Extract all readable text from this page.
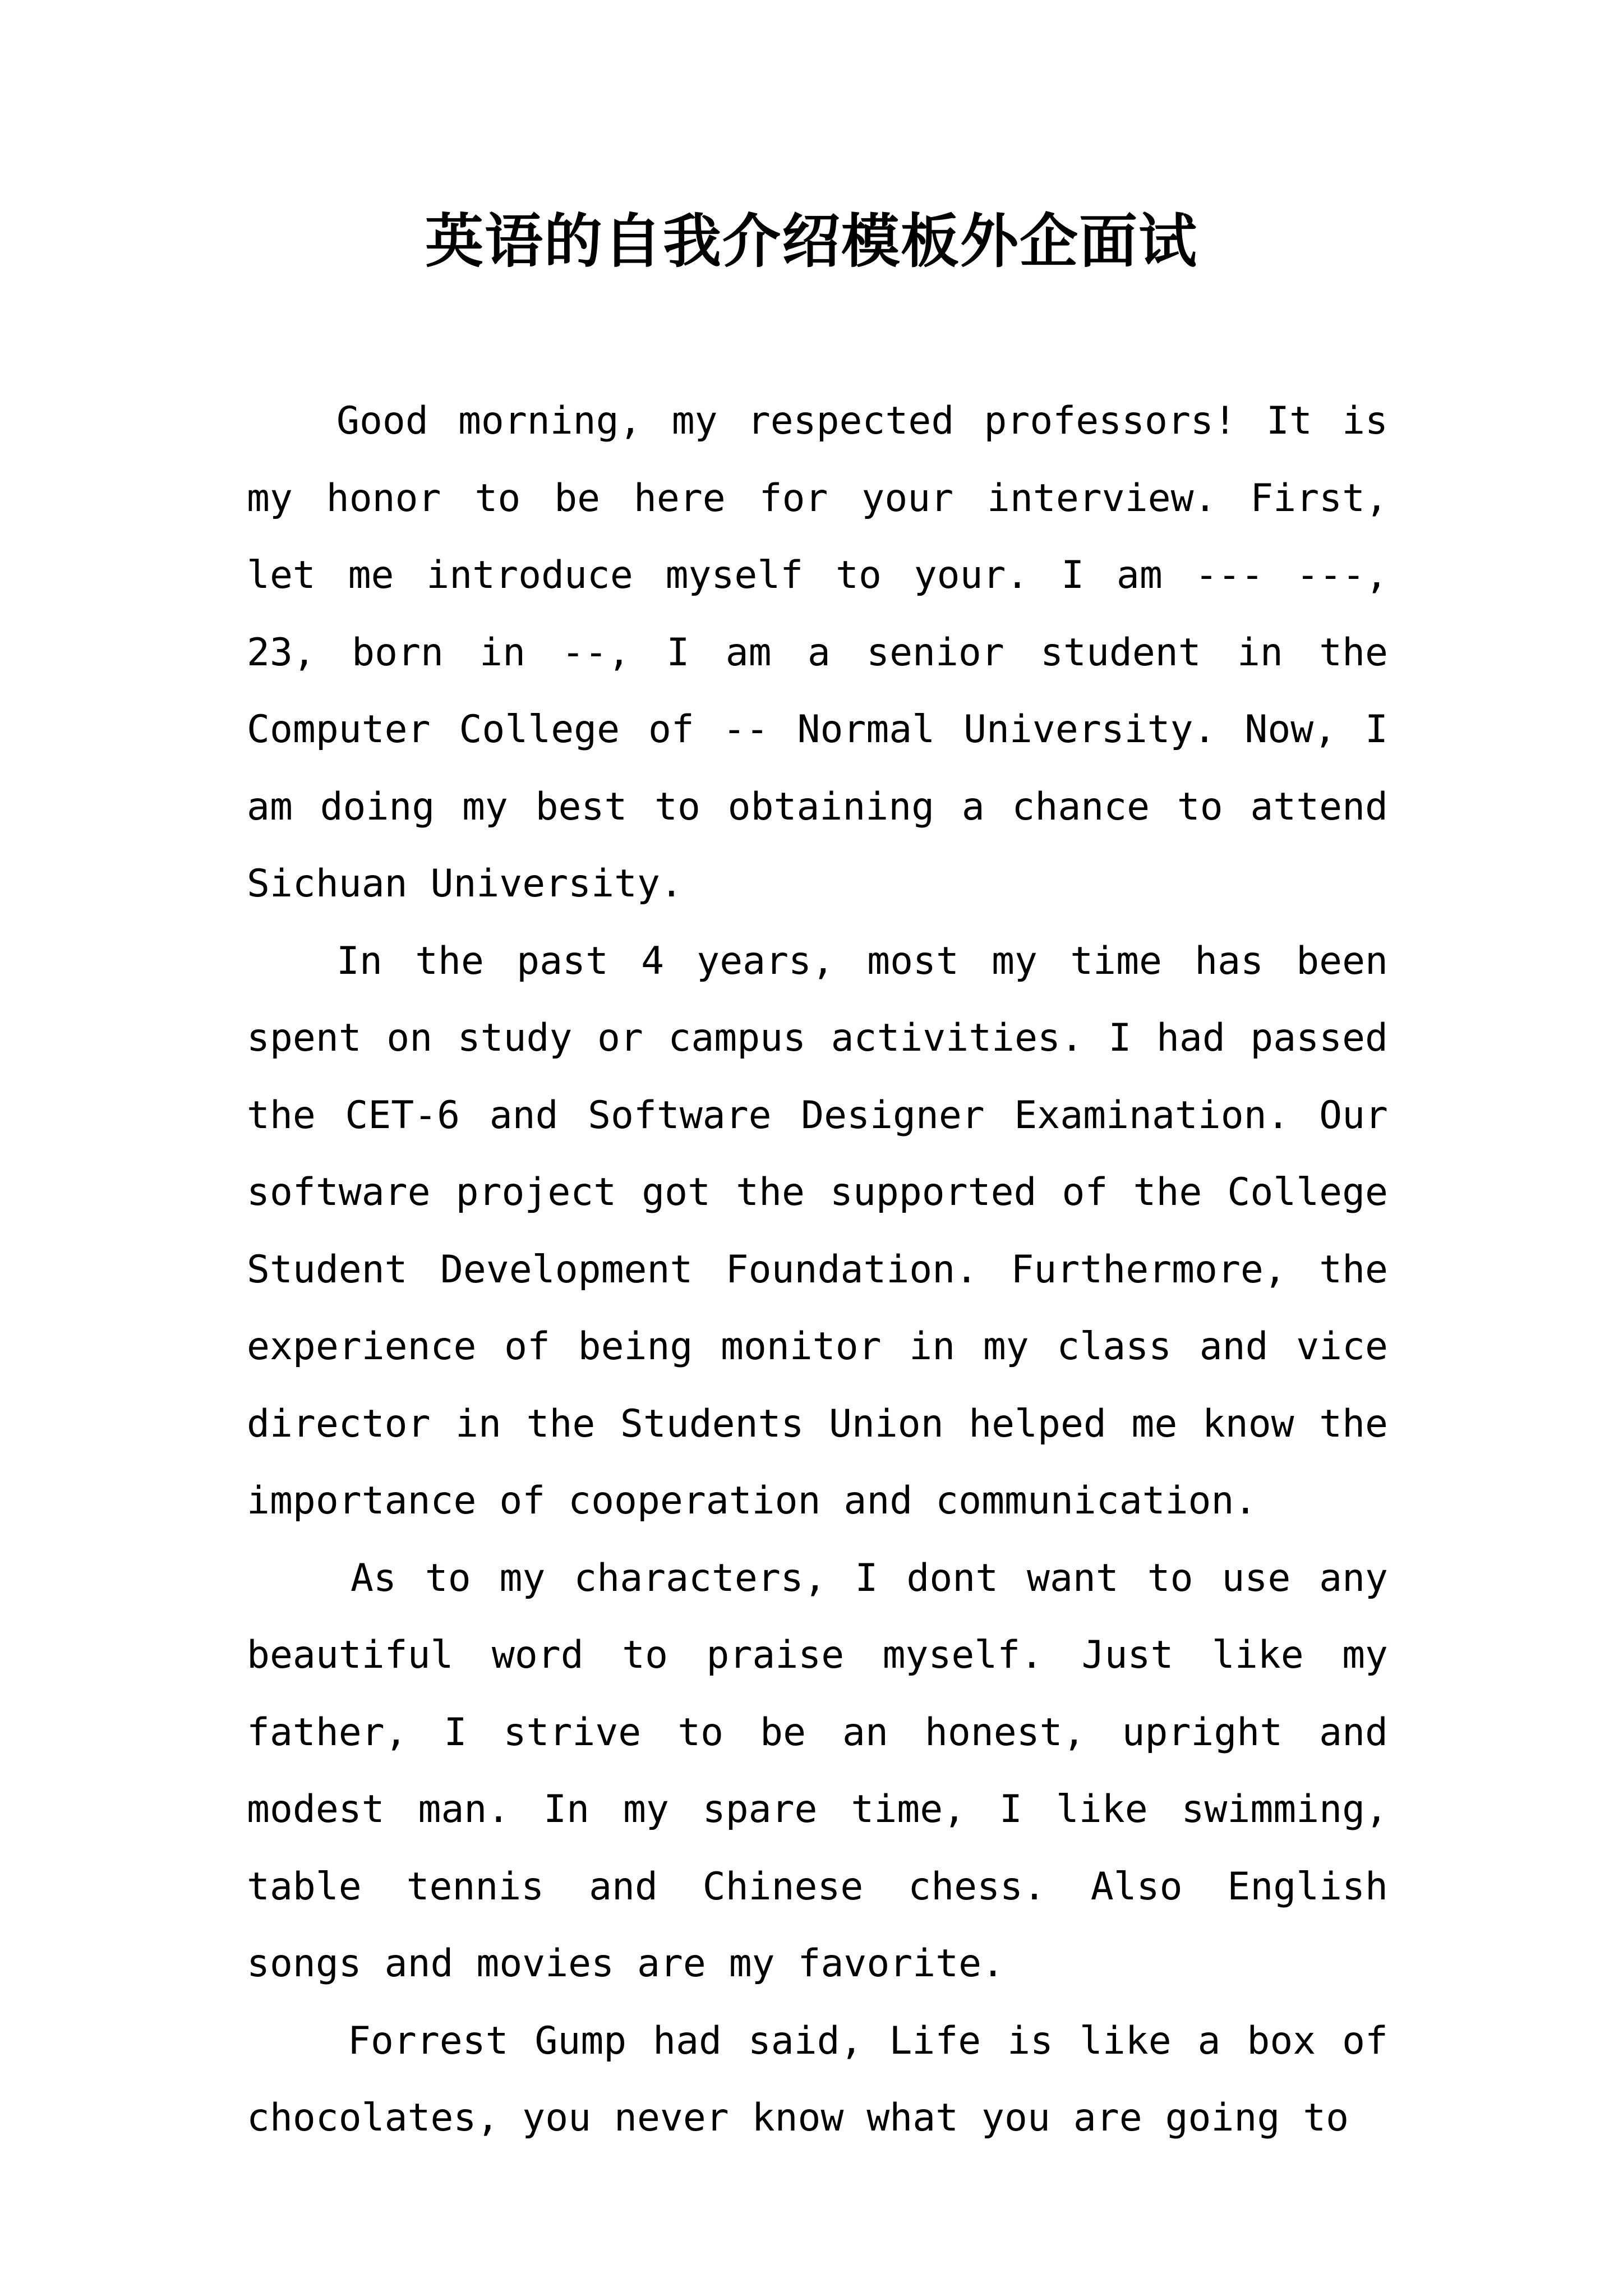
英语的自我介绍模板外企面试

Good morning, my respected professors! It is my honor to be here for your interview. First, let me introduce myself to your. I am --- ---, 23, born in --, I am a senior student in the Computer College of -- Normal University. Now, I am doing my best to obtaining a chance to attend Sichuan University.

In the past 4 years, most my time has been spent on study or campus activities. I had passed the CET-6 and Software Designer Examination. Our software project got the supported of the College Student Development Foundation. Furthermore, the experience of being monitor in my class and vice director in the Students Union helped me know the importance of cooperation and communication.

As to my characters, I dont want to use any beautiful word to praise myself. Just like my father, I strive to be an honest, upright and modest man. In my spare time, I like swimming, table tennis and Chinese chess. Also English songs and movies are my favorite.

Forrest Gump had said, Life is like a box of chocolates, you never know what you are going to
